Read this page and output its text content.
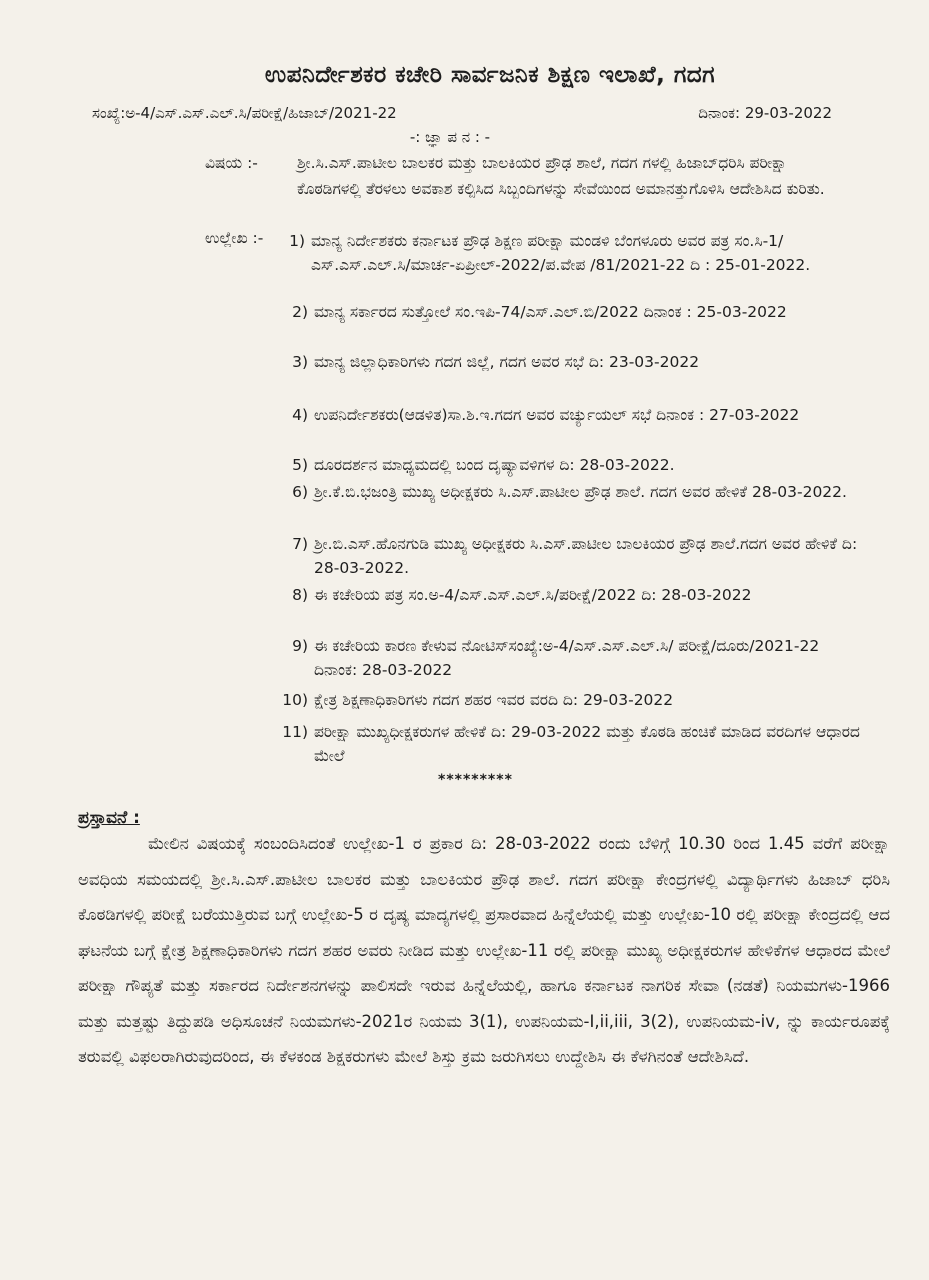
ಉಪನಿರ್ದೇಶಕರ ಕಚೇರಿ ಸಾರ್ವಜನಿಕ ಶಿಕ್ಷಣ ಇಲಾಖೆ, ಗದಗ
ಸಂಖ್ಯೆ:ಅ-4/ಎಸ್.ಎಸ್.ಎಲ್.ಸಿ/ಪರೀಕ್ಷೆ/ಹಿಜಾಬ್/2021-22	ದಿನಾಂಕ: 29-03-2022
-: ಜ್ಞಾ ಪ ನ : -
ವಿಷಯ :-	ಶ್ರೀ.ಸಿ.ಎಸ್.ಪಾಟೀಲ ಬಾಲಕರ ಮತ್ತು ಬಾಲಕಿಯರ ಪ್ರೌಢ ಶಾಲೆ, ಗದಗ ಗಳಲ್ಲಿ ಹಿಜಾಬ್‌ಧರಿಸಿ ಪರೀಕ್ಷಾ ಕೊಠಡಿಗಳಲ್ಲಿ ತೆರಳಲು ಅವಕಾಶ ಕಲ್ಪಿಸಿದ ಸಿಬ್ಬಂದಿಗಳನ್ನು ಸೇವೆಯಿಂದ ಅಮಾನತ್ತುಗೊಳಿಸಿ ಆದೇಶಿಸಿದ ಕುರಿತು.
ಉಲ್ಲೇಖ :-	1) ಮಾನ್ಯ ನಿರ್ದೇಶಕರು ಕರ್ನಾಟಕ ಪ್ರೌಢ ಶಿಕ್ಷಣ ಪರೀಕ್ಷಾ ಮಂಡಳಿ ಬೆಂಗಳೂರು ಅವರ ಪತ್ರ ಸಂ.ಸಿ-1/ಎಸ್.ಎಸ್.ಎಲ್.ಸಿ/ಮಾರ್ಚ-ಏಪ್ರೀಲ್-2022/ಪ.ವೇಪ /81/2021-22 ದಿ : 25-01-2022.
2) ಮಾನ್ಯ ಸರ್ಕಾರದ ಸುತ್ತೋಲೆ ಸಂ.ಇಪಿ-74/ಎಸ್.ಎಲ್.ಬಿ/2022 ದಿನಾಂಕ : 25-03-2022
3) ಮಾನ್ಯ ಜಿಲ್ಲಾಧಿಕಾರಿಗಳು ಗದಗ ಜಿಲ್ಲೆ, ಗದಗ ಅವರ ಸಭೆ ದಿ: 23-03-2022
4) ಉಪನಿರ್ದೇಶಕರು(ಆಡಳಿತ)ಸಾ.ಶಿ.ಇ.ಗದಗ ಅವರ ವರ್ಚ್ಯುಯಲ್ ಸಭೆ ದಿನಾಂಕ : 27-03-2022
5) ದೂರದರ್ಶನ ಮಾಧ್ಯಮದಲ್ಲಿ ಬಂದ ದೃಷ್ಯಾವಳಿಗಳ ದಿ: 28-03-2022.
6) ಶ್ರೀ.ಕೆ.ಬಿ.ಭಜಂತ್ರಿ ಮುಖ್ಯ ಅಧೀಕ್ಷಕರು ಸಿ.ಎಸ್.ಪಾಟೀಲ ಪ್ರೌಢ ಶಾಲೆ. ಗದಗ ಅವರ ಹೇಳಿಕೆ 28-03-2022.
7) ಶ್ರೀ.ಬಿ.ಎಸ್.ಹೊನಗುಡಿ ಮುಖ್ಯ ಅಧೀಕ್ಷಕರು ಸಿ.ಎಸ್.ಪಾಟೀಲ ಬಾಲಕಿಯರ ಪ್ರೌಢ ಶಾಲೆ.ಗದಗ ಅವರ ಹೇಳಿಕೆ ದಿ: 28-03-2022.
8) ಈ ಕಚೇರಿಯ ಪತ್ರ ಸಂ.ಅ-4/ಎಸ್.ಎಸ್.ಎಲ್.ಸಿ/ಪರೀಕ್ಷೆ/2022 ದಿ: 28-03-2022
9) ಈ ಕಚೇರಿಯ ಕಾರಣ ಕೇಳುವ ನೋಟಿಸ್‌ಸಂಖ್ಯೆ:ಅ-4/ಎಸ್.ಎಸ್.ಎಲ್.ಸಿ/ ಪರೀಕ್ಷೆ/ದೂರು/2021-22 ದಿನಾಂಕ: 28-03-2022
10) ಕ್ಷೇತ್ರ ಶಿಕ್ಷಣಾಧಿಕಾರಿಗಳು ಗದಗ ಶಹರ ಇವರ ವರದಿ ದಿ: 29-03-2022
11) ಪರೀಕ್ಷಾ ಮುಖ್ಯಧೀಕ್ಷಕರುಗಳ ಹೇಳಿಕೆ ದಿ: 29-03-2022 ಮತ್ತು ಕೊಠಡಿ ಹಂಚಿಕೆ ಮಾಡಿದ ವರದಿಗಳ ಆಧಾರದ ಮೇಲೆ
*********
ಪ್ರಸ್ತಾವನೆ :
ಮೇಲಿನ ವಿಷಯಕ್ಕೆ ಸಂಬಂದಿಸಿದಂತೆ ಉಲ್ಲೇಖ-1 ರ ಪ್ರಕಾರ ದಿ: 28-03-2022 ರಂದು ಬೆಳಿಗ್ಗೆ 10.30 ರಿಂದ 1.45 ವರೆಗೆ ಪರೀಕ್ಷಾ ಅವಧಿಯ ಸಮಯದಲ್ಲಿ ಶ್ರೀ.ಸಿ.ಎಸ್.ಪಾಟೀಲ ಬಾಲಕರ ಮತ್ತು ಬಾಲಕಿಯರ ಪ್ರೌಢ ಶಾಲೆ. ಗದಗ ಪರೀಕ್ಷಾ ಕೇಂದ್ರಗಳಲ್ಲಿ ವಿದ್ಯಾರ್ಥಿಗಳು ಹಿಜಾಬ್ ಧರಿಸಿ ಕೊಠಡಿಗಳಲ್ಲಿ ಪರೀಕ್ಷೆ ಬರೆಯುತ್ತಿರುವ ಬಗ್ಗೆ ಉಲ್ಲೇಖ-5 ರ ದೃಷ್ಯ ಮಾದ್ಯಗಳಲ್ಲಿ ಪ್ರಸಾರವಾದ ಹಿನ್ನೆಲೆಯಲ್ಲಿ ಮತ್ತು ಉಲ್ಲೇಖ-10 ರಲ್ಲಿ ಪರೀಕ್ಷಾ ಕೇಂದ್ರದಲ್ಲಿ ಆದ ಘಟನೆಯ ಬಗ್ಗೆ ಕ್ಷೇತ್ರ ಶಿಕ್ಷಣಾಧಿಕಾರಿಗಳು ಗದಗ ಶಹರ ಅವರು ನೀಡಿದ ಮತ್ತು ಉಲ್ಲೇಖ-11 ರಲ್ಲಿ ಪರೀಕ್ಷಾ ಮುಖ್ಯ ಅಧೀಕ್ಷಕರುಗಳ ಹೇಳಿಕೆಗಳ ಆಧಾರದ ಮೇಲೆ ಪರೀಕ್ಷಾ ಗೌಪ್ಯತೆ ಮತ್ತು ಸರ್ಕಾರದ ನಿರ್ದೇಶನಗಳನ್ನು ಪಾಲಿಸದೇ ಇರುವ ಹಿನ್ನೆಲೆಯಲ್ಲಿ, ಹಾಗೂ ಕರ್ನಾಟಕ ನಾಗರಿಕ ಸೇವಾ (ನಡತೆ) ನಿಯಮಗಳು-1966 ಮತ್ತು ಮತ್ತಷ್ಟು ತಿದ್ದುಪಡಿ ಅಧಿಸೂಚನೆ ನಿಯಮಗಳು-2021ರ ನಿಯಮ 3(1), ಉಪನಿಯಮ-I,ii,iii, 3(2), ಉಪನಿಯಮ-iv, ನ್ನು ಕಾರ್ಯರೂಪಕ್ಕೆ ತರುವಲ್ಲಿ ವಿಫಲರಾಗಿರುವುದರಿಂದ, ಈ ಕೆಳಕಂಡ ಶಿಕ್ಷಕರುಗಳು ಮೇಲೆ ಶಿಸ್ತು ಕ್ರಮ ಜರುಗಿಸಲು ಉದ್ದೇಶಿಸಿ ಈ ಕೆಳಗಿನಂತೆ ಆದೇಶಿಸಿದೆ.
